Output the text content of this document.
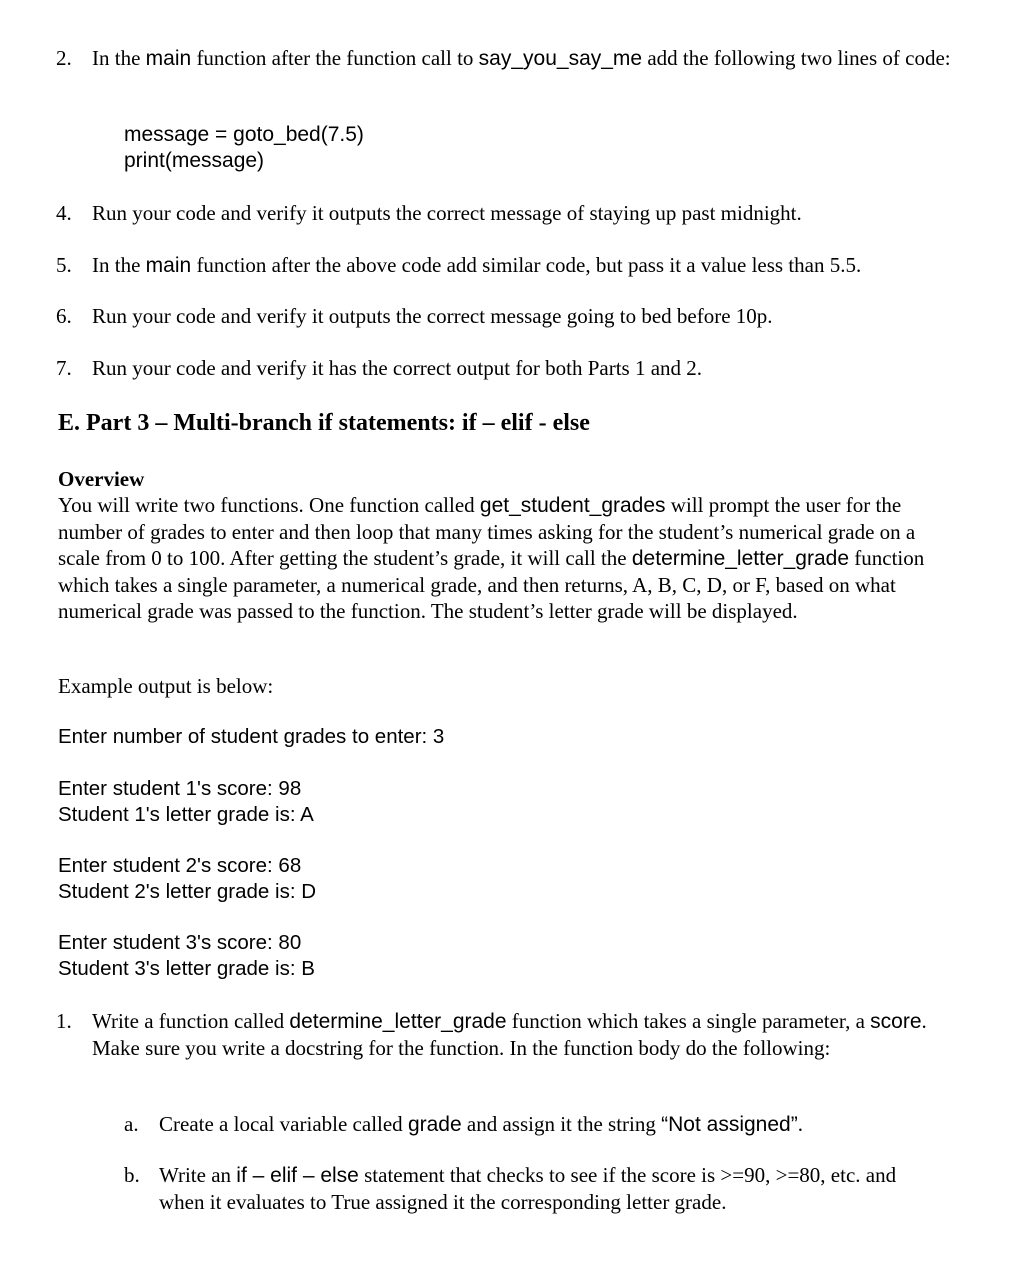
2. In the main function after the function call to say_you_say_me add the following two lines of code:
message = goto_bed(7.5)
print(message)
4. Run your code and verify it outputs the correct message of staying up past midnight.
5. In the main function after the above code add similar code, but pass it a value less than 5.5.
6. Run your code and verify it outputs the correct message going to bed before 10p.
7. Run your code and verify it has the correct output for both Parts 1 and 2.
E. Part 3 – Multi-branch if statements: if – elif - else
Overview
You will write two functions. One function called get_student_grades will prompt the user for the number of grades to enter and then loop that many times asking for the student’s numerical grade on a scale from 0 to 100. After getting the student’s grade, it will call the determine_letter_grade function which takes a single parameter, a numerical grade, and then returns, A, B, C, D, or F, based on what numerical grade was passed to the function. The student’s letter grade will be displayed.
Example output is below:
Enter number of student grades to enter: 3
Enter student 1's score: 98
Student 1's letter grade is: A
Enter student 2's score: 68
Student 2's letter grade is: D
Enter student 3's score: 80
Student 3's letter grade is: B
1. Write a function called determine_letter_grade function which takes a single parameter, a score. Make sure you write a docstring for the function. In the function body do the following:
a. Create a local variable called grade and assign it the string “Not assigned”.
b. Write an if – elif – else statement that checks to see if the score is >=90, >=80, etc. and when it evaluates to True assigned it the corresponding letter grade.
